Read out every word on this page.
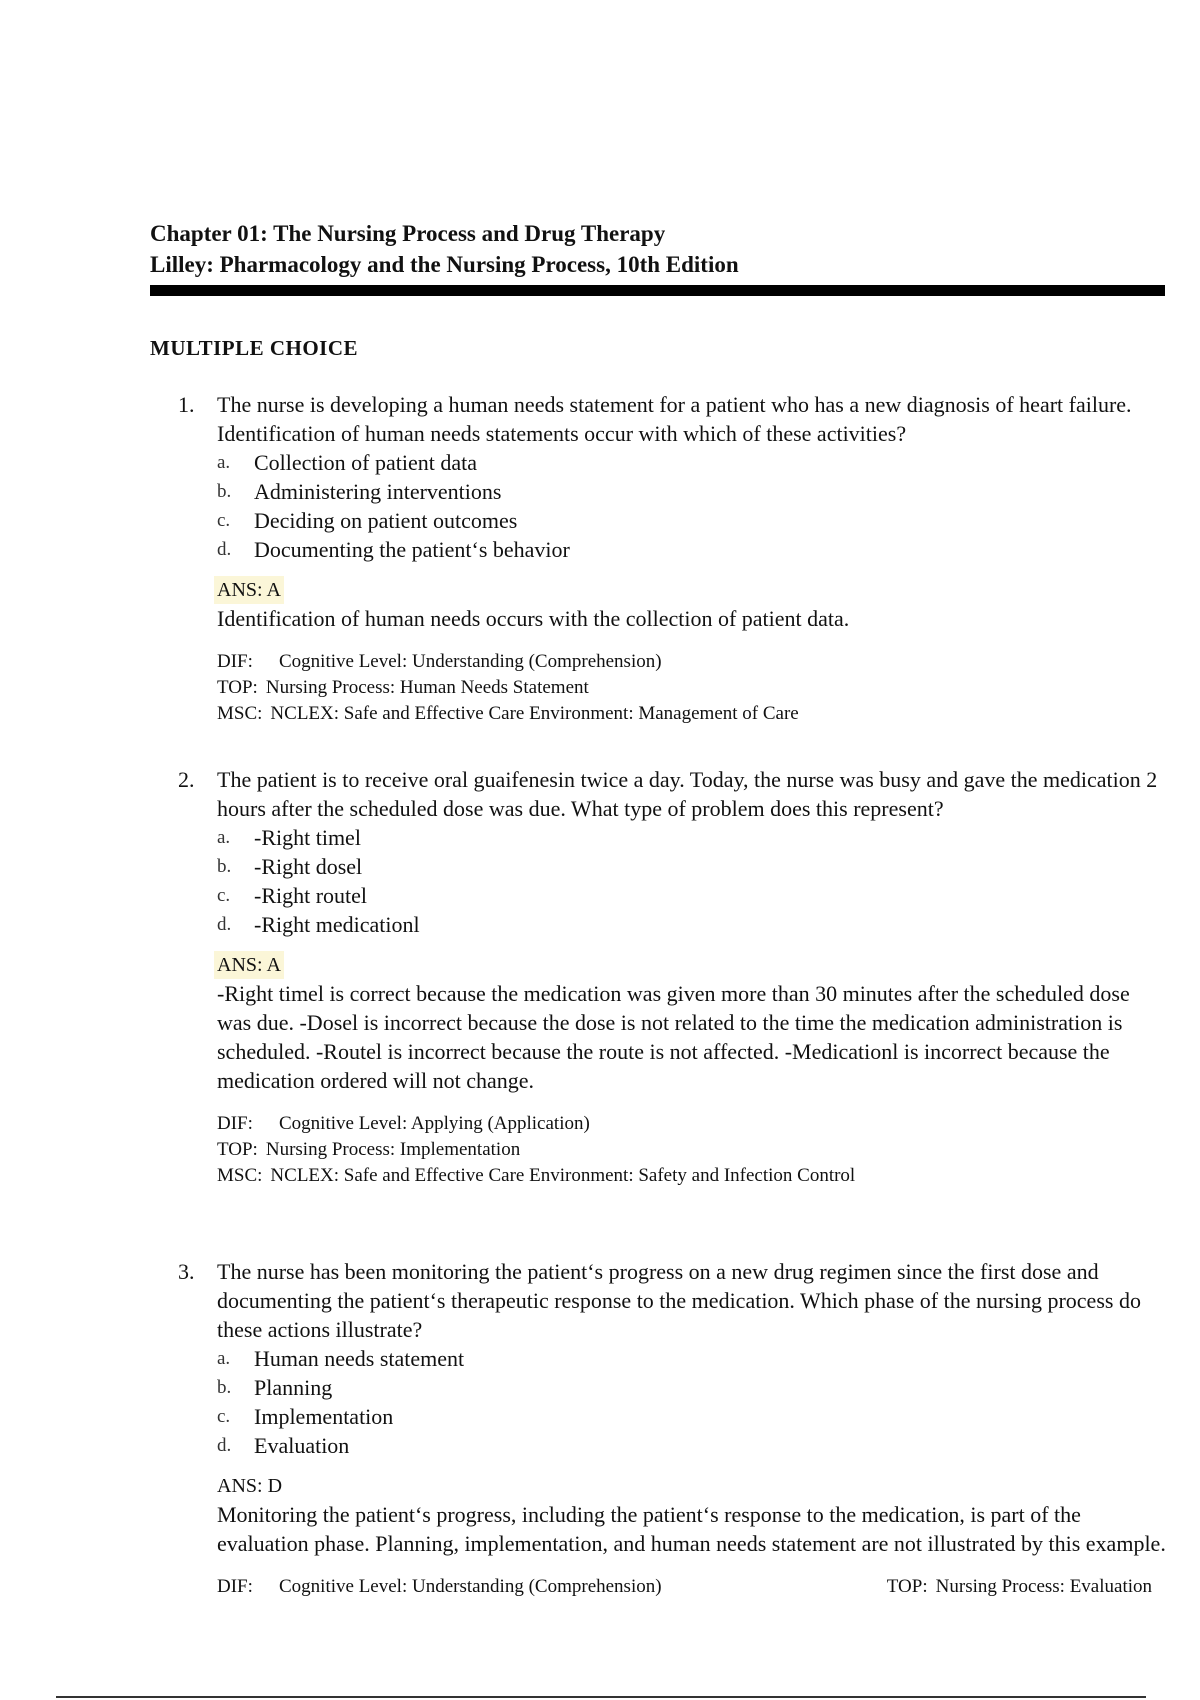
Chapter 01: The Nursing Process and Drug Therapy

Lilley: Pharmacology and the Nursing Process, 10th Edition

MULTIPLE CHOICE

1. The nurse is developing a human needs statement for a patient who has a new diagnosis of heart failure. Identification of human needs statements occur with which of these activities?

a.	Collection of patient data
b.	Administering interventions
c.	Deciding on patient outcomes
d.	Documenting the patient‘s behavior
ANS: A

Identification of human needs occurs with the collection of patient data.

DIF: Cognitive Level: Understanding (Comprehension)

TOP: Nursing Process: Human Needs Statement

MSC: NCLEX: Safe and Effective Care Environment: Management of Care

2. The patient is to receive oral guaifenesin twice a day. Today, the nurse was busy and gave the medication 2 hours after the scheduled dose was due. What type of problem does this represent?

a.	-Right timel
b.	-Right dosel
c.	-Right routel
d.	-Right medicationl
ANS: A

-Right timel is correct because the medication was given more than 30 minutes after the scheduled dose was due. -Dosel is incorrect because the dose is not related to the time the medication administration is scheduled. -Routel is incorrect because the route is not affected. -Medicationl is incorrect because the medication ordered will not change.

DIF: Cognitive Level: Applying (Application)

TOP: Nursing Process: Implementation

MSC: NCLEX: Safe and Effective Care Environment: Safety and Infection Control

3. The nurse has been monitoring the patient‘s progress on a new drug regimen since the first dose and documenting the patient‘s therapeutic response to the medication. Which phase of the nursing process do these actions illustrate?

a.	Human needs statement
b.	Planning
c.	Implementation
d.	Evaluation
ANS: D

Monitoring the patient‘s progress, including the patient‘s response to the medication, is part of the evaluation phase. Planning, implementation, and human needs statement are not illustrated by this example.

DIF: Cognitive Level: Understanding (Comprehension)	TOP: Nursing Process: Evaluation
